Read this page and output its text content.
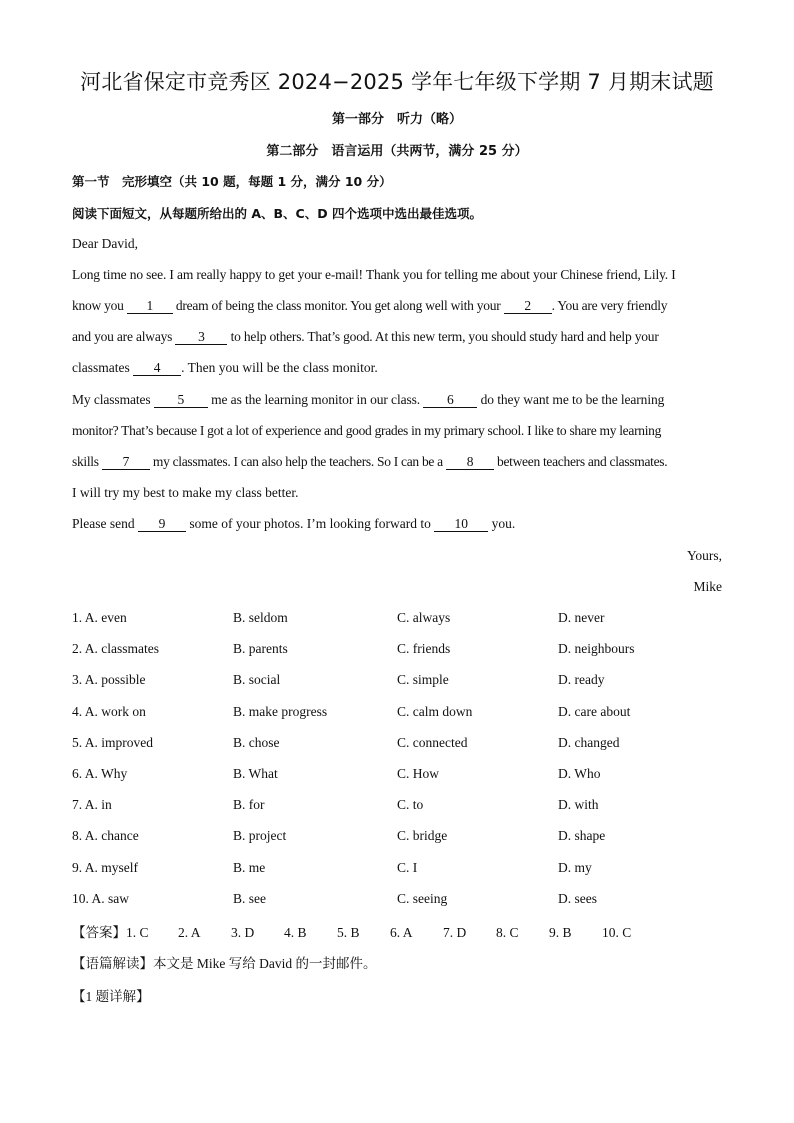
河北省保定市竞秀区 2024−2025 学年七年级下学期 7 月期末试题
第一部分　听力（略）
第二部分　语言运用（共两节，满分 25 分）
第一节　完形填空（共 10 题，每题 1 分，满分 10 分）
阅读下面短文，从每题所给出的 A、B、C、D 四个选项中选出最佳选项。
Dear David,
Long time no see. I am really happy to get your e-mail! Thank you for telling me about your Chinese friend, Lily. I
know you 1 dream of being the class monitor. You get along well with your 2 . You are very friendly
and you are always 3 to help others. That’s good. At this new term, you should study hard and help your
classmates 4 . Then you will be the class monitor.
My classmates 5 me as the learning monitor in our class. 6 do they want me to be the learning
monitor? That’s because I got a lot of experience and good grades in my primary school. I like to share my learning
skills 7 my classmates. I can also help the teachers. So I can be a 8 between teachers and classmates.
I will try my best to make my class better.
Please send 9 some of your photos. I’m looking forward to 10 you.
Yours,
Mike
1. A. even	B. seldom	C. always	D. never
2. A. classmates	B. parents	C. friends	D. neighbours
3. A. possible	B. social	C. simple	D. ready
4. A. work on	B. make progress	C. calm down	D. care about
5. A. improved	B. chose	C. connected	D. changed
6. A. Why	B. What	C. How	D. Who
7. A. in	B. for	C. to	D. with
8. A. chance	B. project	C. bridge	D. shape
9. A. myself	B. me	C. I	D. my
10. A. saw	B. see	C. seeing	D. sees
【答案】1. C 2. A 3. D 4. B 5. B 6. A 7. D 8. C 9. B 10. C
【语篇解读】本文是 Mike 写给 David 的一封邮件。
【1 题详解】
